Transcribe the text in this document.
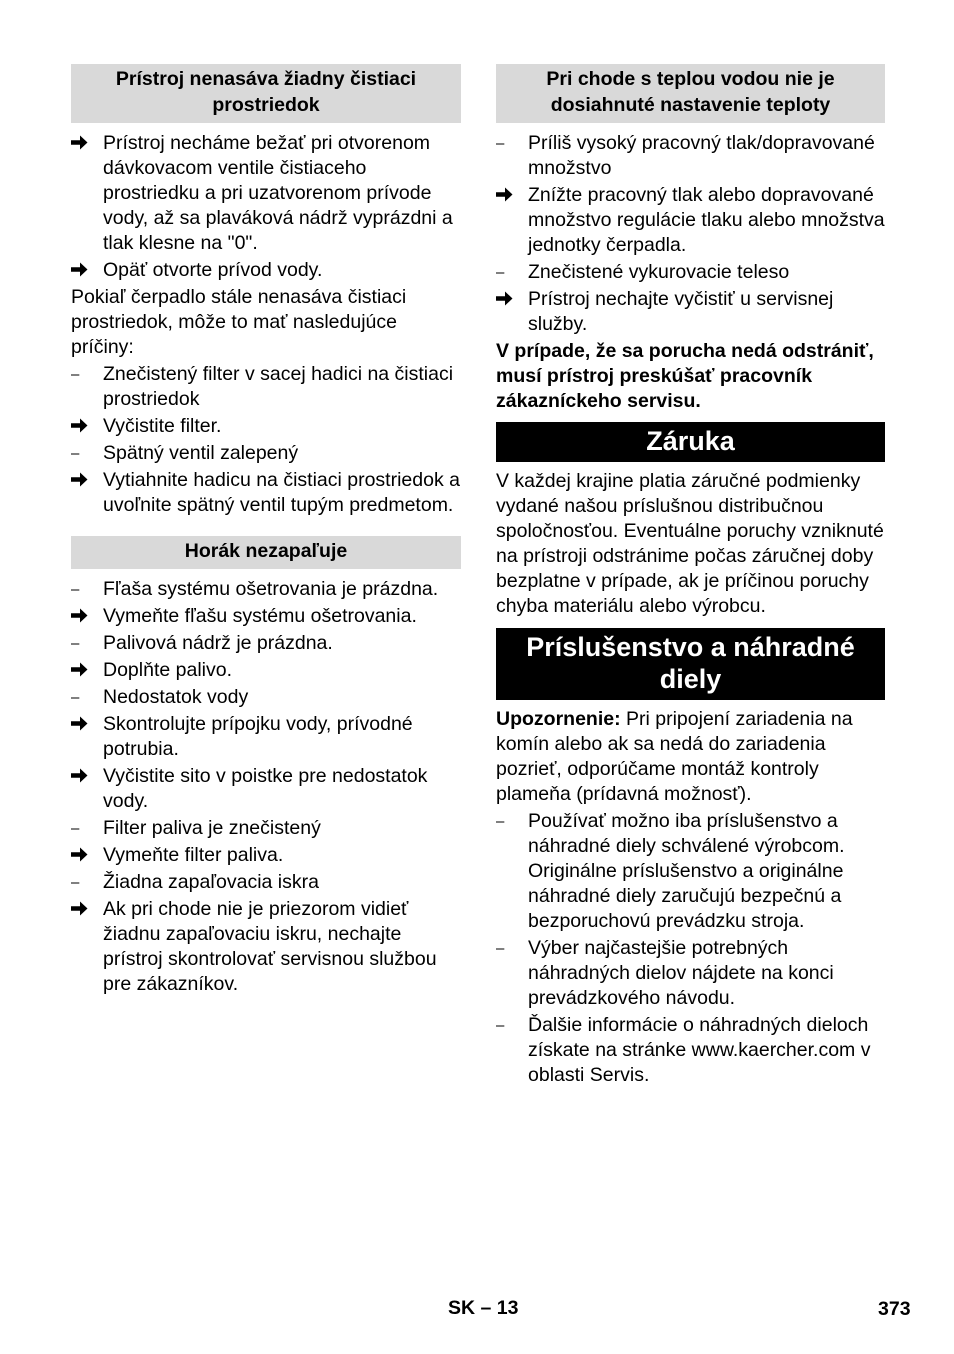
Prístroj nenasáva žiadny čistiaci prostriedok
Prístroj necháme bežať pri otvorenom dávkovacom ventile čistiaceho prostriedku a pri uzatvorenom prívode vody, až sa plaváková nádrž vyprázdni a tlak klesne na "0".
Opäť otvorte prívod vody.
Pokiaľ čerpadlo stále nenasáva čistiaci prostriedok, môže to mať nasledujúce príčiny:
–	Znečistený filter v sacej hadici na čistiaci prostriedok
Vyčistite filter.
–	Spätný ventil zalepený
Vytiahnite hadicu na čistiaci prostriedok a uvoľnite spätný ventil tupým predmetom.
Horák nezapaľuje
–	Fľaša systému ošetrovania je prázdna.
Vymeňte fľašu systému ošetrovania.
–	Palivová nádrž je prázdna.
Doplňte palivo.
–	Nedostatok vody
Skontrolujte prípojku vody, prívodné potrubia.
Vyčistite sito v poistke pre nedostatok vody.
–	Filter paliva je znečistený
Vymeňte filter paliva.
–	Žiadna zapaľovacia iskra
Ak pri chode nie je priezorom vidieť žiadnu zapaľovaciu iskru, nechajte prístroj skontrolovať servisnou službou pre zákazníkov.
Pri chode s teplou vodou nie je dosiahnuté nastavenie teploty
–	Príliš vysoký pracovný tlak/dopravované množstvo
Znížte pracovný tlak alebo dopravované množstvo regulácie tlaku alebo množstva jednotky čerpadla.
–	Znečistené vykurovacie teleso
Prístroj nechajte vyčistiť u servisnej služby.
V prípade, že sa porucha nedá odstrániť, musí prístroj preskúšať pracovník zákazníckeho servisu.
Záruka
V každej krajine platia záručné podmienky vydané našou príslušnou distribučnou spoločnosťou. Eventuálne poruchy vzniknuté na prístroji odstránime počas záručnej doby bezplatne v prípade, ak je príčinou poruchy chyba materiálu alebo výrobcu.
Príslušenstvo a náhradné diely
Upozornenie: Pri pripojení zariadenia na komín alebo ak sa nedá do zariadenia pozrieť, odporúčame montáž kontroly plameňa (prídavná možnosť).
–	Používať možno iba príslušenstvo a náhradné diely schválené výrobcom. Originálne príslušenstvo a originálne náhradné diely zaručujú bezpečnú a bezporuchovú prevádzku stroja.
–	Výber najčastejšie potrebných náhradných dielov nájdete na konci prevádzkového návodu.
–	Ďalšie informácie o náhradných dieloch získate na stránke www.kaercher.com v oblasti Servis.
SK – 13	373
